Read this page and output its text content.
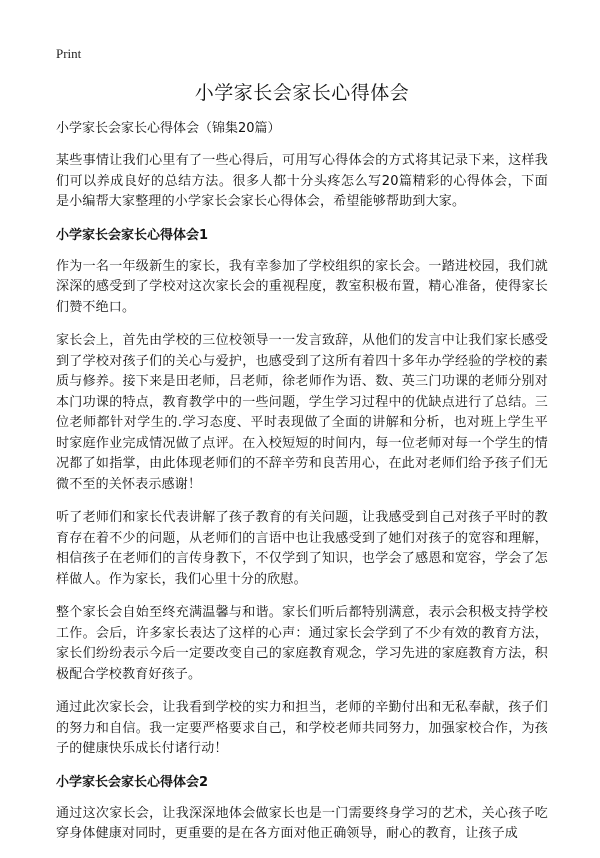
Print
小学家长会家长心得体会

小学家长会家长心得体会（锦集20篇）

某些事情让我们心里有了一些心得后，可用写心得体会的方式将其记录下来，这样我们可以养成良好的总结方法。很多人都十分头疼怎么写20篇精彩的心得体会，下面是小编帮大家整理的小学家长会家长心得体会，希望能够帮助到大家。

小学家长会家长心得体会1

作为一名一年级新生的家长，我有幸参加了学校组织的家长会。一踏进校园，我们就深深的感受到了学校对这次家长会的重视程度，教室积极布置，精心准备，使得家长们赞不绝口。

家长会上，首先由学校的三位校领导一一发言致辞，从他们的发言中让我们家长感受到了学校对孩子们的关心与爱护，也感受到了这所有着四十多年办学经验的学校的素质与修养。接下来是田老师，吕老师，徐老师作为语、数、英三门功课的老师分别对本门功课的特点，教育教学中的一些问题，学生学习过程中的优缺点进行了总结。三位老师都针对学生的.学习态度、平时表现做了全面的讲解和分析，也对班上学生平时家庭作业完成情况做了点评。在入校短短的时间内，每一位老师对每一个学生的情况都了如指掌，由此体现老师们的不辞辛劳和良苦用心，在此对老师们给予孩子们无微不至的关怀表示感谢！

听了老师们和家长代表讲解了孩子教育的有关问题，让我感受到自己对孩子平时的教育存在着不少的问题，从老师们的言语中也让我感受到了她们对孩子的宽容和理解，相信孩子在老师们的言传身教下，不仅学到了知识，也学会了感恩和宽容，学会了怎样做人。作为家长，我们心里十分的欣慰。

整个家长会自始至终充满温馨与和谐。家长们听后都特别满意，表示会积极支持学校工作。会后，许多家长表达了这样的心声：通过家长会学到了不少有效的教育方法，家长们纷纷表示今后一定要改变自己的家庭教育观念，学习先进的家庭教育方法，积极配合学校教育好孩子。

通过此次家长会，让我看到学校的实力和担当，老师的辛勤付出和无私奉献，孩子们的努力和自信。我一定要严格要求自己，和学校老师共同努力，加强家校合作，为孩子的健康快乐成长付诸行动！

小学家长会家长心得体会2

通过这次家长会，让我深深地体会做家长也是一门需要终身学习的艺术，关心孩子吃穿身体健康对同时，更重要的是在各方面对他正确领导，耐心的教育，让孩子成
